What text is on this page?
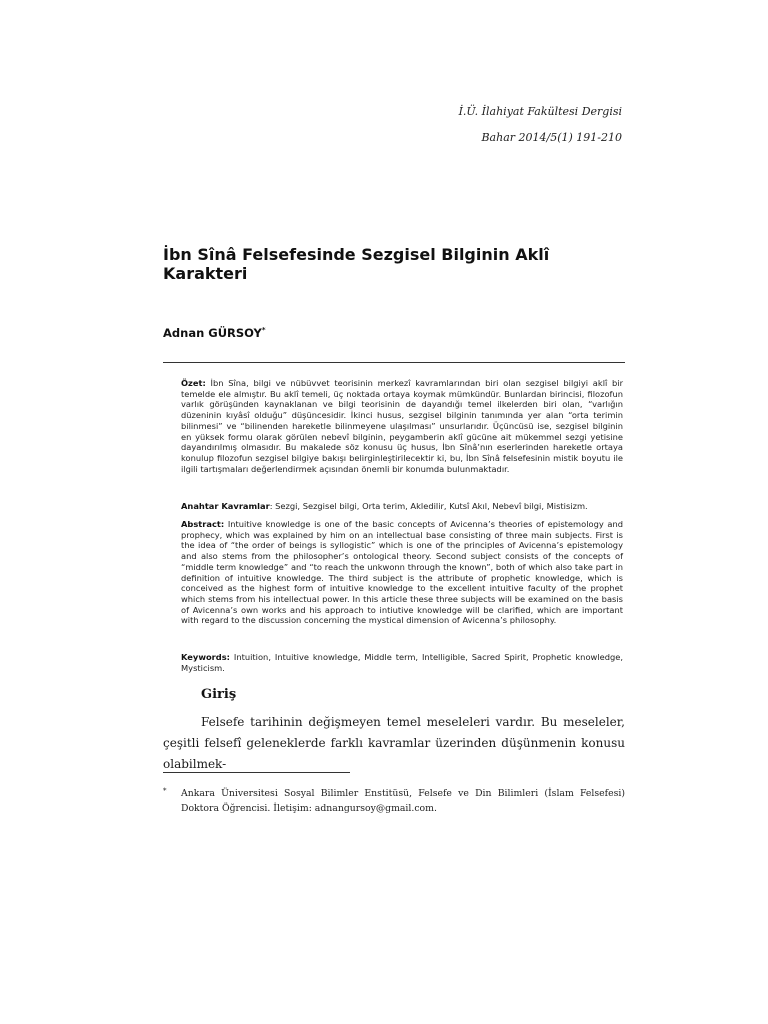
İ.Ü. İlahiyat Fakültesi Dergisi
Bahar 2014/5(1) 191-210
İbn Sînâ Felsefesinde Sezgisel Bilginin Aklî Karakteri
Adnan GÜRSOY*

Özet: İbn Sîna, bilgi ve nübüvvet teorisinin merkezî kavramlarından biri olan sezgisel bilgiyi aklî bir temelde ele almıştır. Bu aklî temeli, üç noktada ortaya koymak mümkündür. Bunlardan birincisi, filozofun varlık görüşünden kaynaklanan ve bilgi teorisinin de dayandığı temel ilkelerden biri olan, “varlığın düzeninin kıyâsî olduğu” düşüncesidir. İkinci husus, sezgisel bilginin tanımında yer alan “orta terimin bilinmesi” ve “bilinenden hareketle bilinmeyene ulaşılması” unsurlarıdır. Üçüncüsü ise, sezgisel bilginin en yüksek formu olarak görülen nebevî bilginin, peygamberin aklî gücüne ait mükemmel sezgi yetisine dayandırılmış olmasıdır. Bu makalede söz konusu üç husus, İbn Sînâ’nın eserlerinden hareketle ortaya konulup filozofun sezgisel bilgiye bakışı belirginleştirilecektir ki, bu, İbn Sînâ felsefesinin mistik boyutu ile ilgili tartışmaları değerlendirmek açısından önemli bir konumda bulunmaktadır.

Anahtar Kavramlar: Sezgi, Sezgisel bilgi, Orta terim, Akledilir, Kutsî Akıl, Nebevî bilgi, Mistisizm.

Abstract: Intuitive knowledge is one of the basic concepts of Avicenna’s theories of epistemology and prophecy, which was explained by him on an intellectual base consisting of three main subjects. First is the idea of “the order of beings is syllogistic” which is one of the principles of Avicenna’s epistemology and also stems from the philosopher’s ontological theory. Second subject consists of the concepts of “middle term knowledge” and “to reach the unkwonn through the known”, both of which also take part in definition of intuitive knowledge. The third subject is the attribute of prophetic knowledge, which is conceived as the highest form of intuitive knowledge to the excellent intuitive faculty of the prophet which stems from his intellectual power. In this article these three subjects will be examined on the basis of Avicenna’s own works and his approach to intiutive knowledge will be clarified, which are important with regard to the discussion concerning the mystical dimension of Avicenna’s philosophy.

Keywords: Intuition, Intuitive knowledge, Middle term, Intelligible, Sacred Spirit, Prophetic knowledge, Mysticism.

Giriş

Felsefe tarihinin değişmeyen temel meseleleri vardır. Bu meseleler, çeşitli felsefî geleneklerde farklı kavramlar üzerinden düşünmenin konusu olabilmek-

*	Ankara Üniversitesi Sosyal Bilimler Enstitüsü, Felsefe ve Din Bilimleri (İslam Felsefesi) Doktora Öğrencisi. İletişim: adnangursoy@gmail.com.
